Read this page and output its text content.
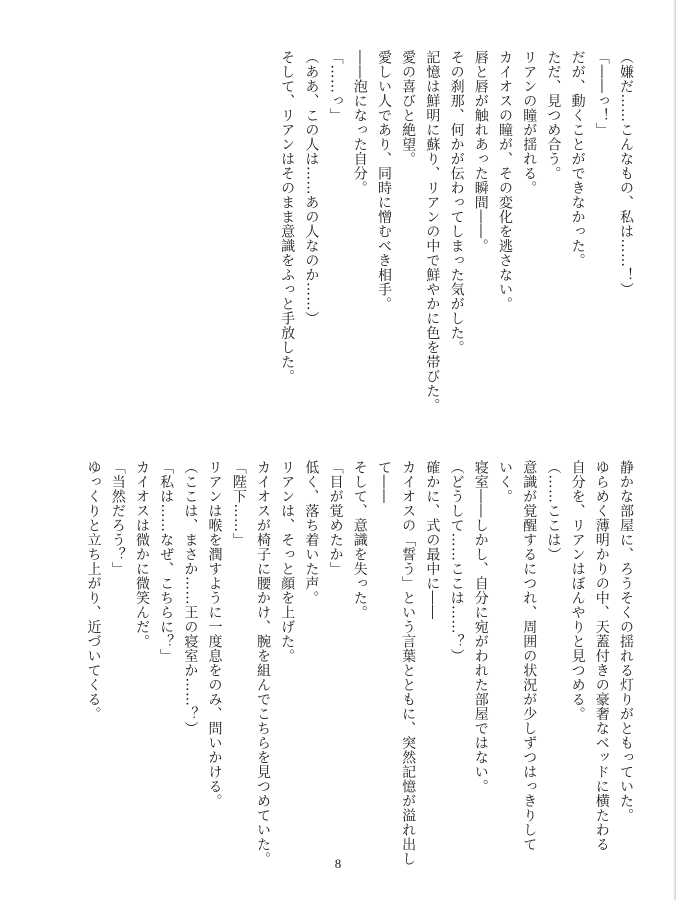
（嫌だ……こんなもの、私は……！）

「――っ！」

だが、動くことができなかった。

ただ、見つめ合う。

リアンの瞳が揺れる。

カイオスの瞳が、その変化を逃さない。

唇と唇が触れあった瞬間――。

その刹那、何かが伝わってしまった気がした。

記憶は鮮明に蘇り、リアンの中で鮮やかに色を帯びた。

愛の喜びと絶望。

愛しい人であり、同時に憎むべき相手。

――泡になった自分。

「……っ」

（ああ、この人は……あの人なのか……）

そして、リアンはそのまま意識をふっと手放した。

静かな部屋に、ろうそくの揺れる灯りがともっていた。

ゆらめく薄明かりの中、天蓋付きの豪奢なベッドに横たわる

自分を、リアンはぼんやりと見つめる。

（……ここは）

意識が覚醒するにつれ、周囲の状況が少しずつはっきりして

いく。

寝室――しかし、自分に宛がわれた部屋ではない。

（どうして……ここは……？）

確かに、式の最中に――

カイオスの「誓う」という言葉とともに、突然記憶が溢れ出し

て――

そして、意識を失った。

「目が覚めたか」

低く、落ち着いた声。

リアンは、そっと顔を上げた。

カイオスが椅子に腰かけ、腕を組んでこちらを見つめていた。

「陛下……」

リアンは喉を潤すように一度息をのみ、問いかける。

（ここは、まさか……王の寝室か……？）

「私は……なぜ、こちらに？」

カイオスは微かに微笑んだ。

「当然だろう？」

ゆっくりと立ち上がり、近づいてくる。

8
